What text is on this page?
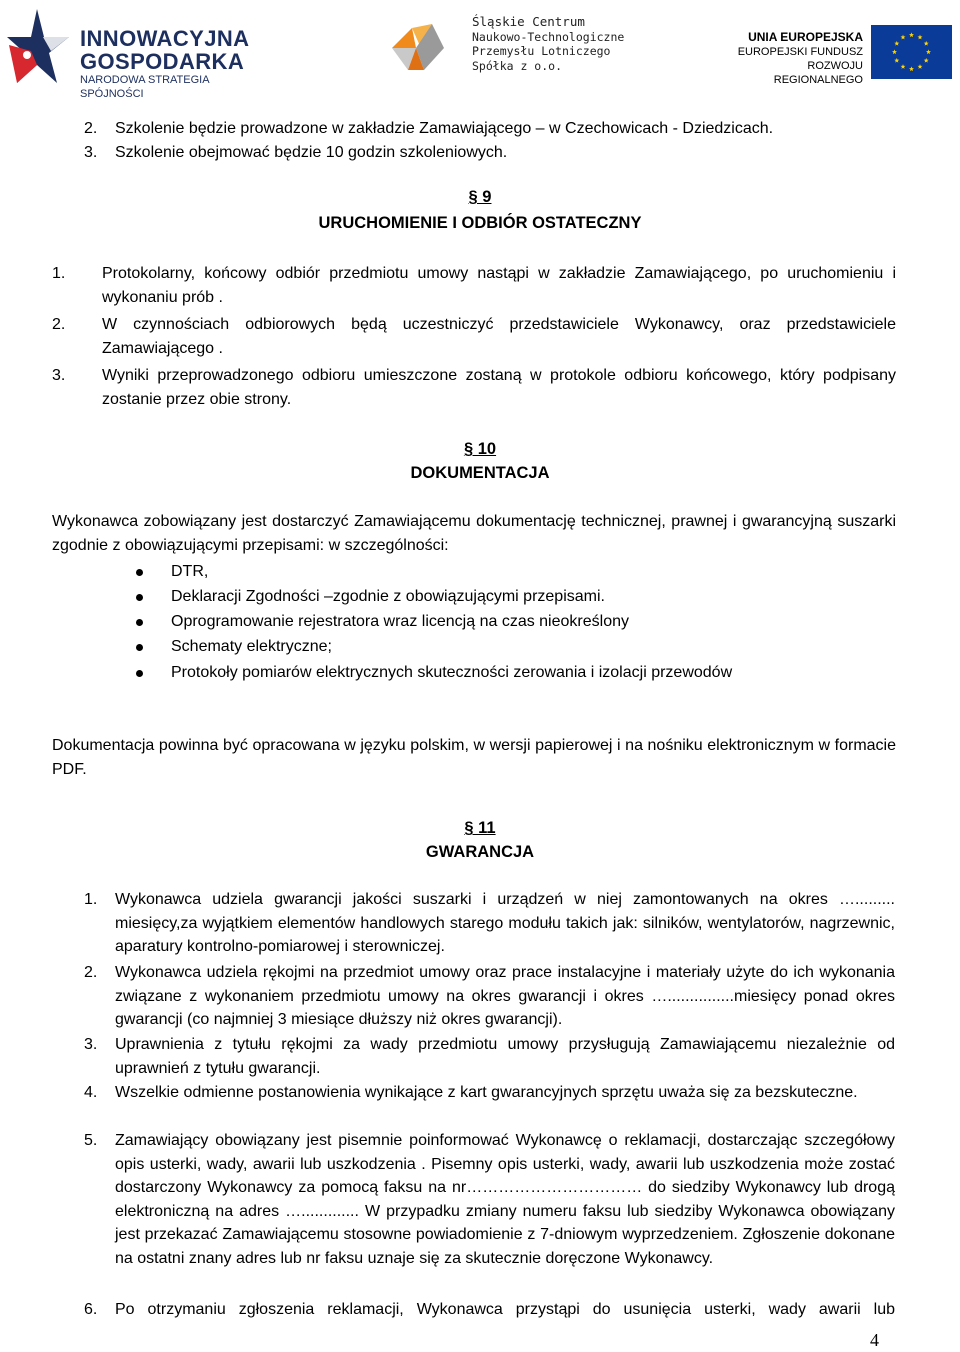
INNOWACYJNA
GOSPODARKA
NARODOWA STRATEGIA SPÓJNOŚCI
Śląskie Centrum
Naukowo-Technologiczne
Przemysłu Lotniczego
Spółka z o.o.
UNIA EUROPEJSKA
EUROPEJSKI FUNDUSZ
ROZWOJU REGIONALNEGO
2. Szkolenie będzie prowadzone w zakładzie Zamawiającego – w Czechowicach - Dziedzicach.
3. Szkolenie obejmować będzie 10 godzin szkoleniowych.
§ 9
URUCHOMIENIE I ODBIÓR OSTATECZNY
1. Protokolarny, końcowy odbiór przedmiotu umowy nastąpi w zakładzie Zamawiającego, po uruchomieniu i wykonaniu prób .
2. W czynnościach odbiorowych będą uczestniczyć przedstawiciele Wykonawcy, oraz przedstawiciele Zamawiającego .
3. Wyniki przeprowadzonego odbioru umieszczone zostaną w protokole odbioru końcowego, który podpisany zostanie przez obie strony.
§ 10
DOKUMENTACJA
Wykonawca zobowiązany jest dostarczyć Zamawiającemu dokumentację technicznej, prawnej i gwarancyjną suszarki zgodnie z obowiązującymi przepisami: w szczególności:
DTR,
Deklaracji Zgodności –zgodnie z obowiązującymi przepisami.
Oprogramowanie rejestratora wraz licencją na czas nieokreślony
Schematy elektryczne;
Protokoły pomiarów elektrycznych skuteczności zerowania i izolacji przewodów
Dokumentacja powinna być opracowana w języku polskim, w wersji papierowej i na nośniku elektronicznym w formacie PDF.
§ 11
GWARANCJA
1. Wykonawca udziela gwarancji jakości suszarki i urządzeń w niej zamontowanych na okres …......... miesięcy,za wyjątkiem elementów handlowych starego modułu takich jak: silników, wentylatorów, nagrzewnic, aparatury kontrolno-pomiarowej i sterowniczej.
2. Wykonawca udziela rękojmi na przedmiot umowy oraz prace instalacyjne i materiały użyte do ich wykonania związane z wykonaniem przedmiotu umowy na okres gwarancji i okres …...............miesięcy ponad okres gwarancji (co najmniej 3 miesiące dłuższy niż okres gwarancji).
3. Uprawnienia z tytułu rękojmi za wady przedmiotu umowy przysługują Zamawiającemu niezależnie od uprawnień z tytułu gwarancji.
4. Wszelkie odmienne postanowienia wynikające z kart gwarancyjnych sprzętu uważa się za bezskuteczne.
5. Zamawiający obowiązany jest pisemnie poinformować Wykonawcę o reklamacji, dostarczając szczegółowy opis usterki, wady, awarii lub uszkodzenia . Pisemny opis usterki, wady, awarii lub uszkodzenia może zostać dostarczony Wykonawcy za pomocą faksu na nr…………………………… do siedziby Wykonawcy lub drogą elektroniczną na adres …............. W przypadku zmiany numeru faksu lub siedziby Wykonawca obowiązany jest przekazać Zamawiającemu stosowne powiadomienie z 7-dniowym wyprzedzeniem. Zgłoszenie dokonane na ostatni znany adres lub nr faksu uznaje się za skutecznie doręczone Wykonawcy.
6. Po otrzymaniu zgłoszenia reklamacji, Wykonawca przystąpi do usunięcia usterki, wady awarii lub
4
